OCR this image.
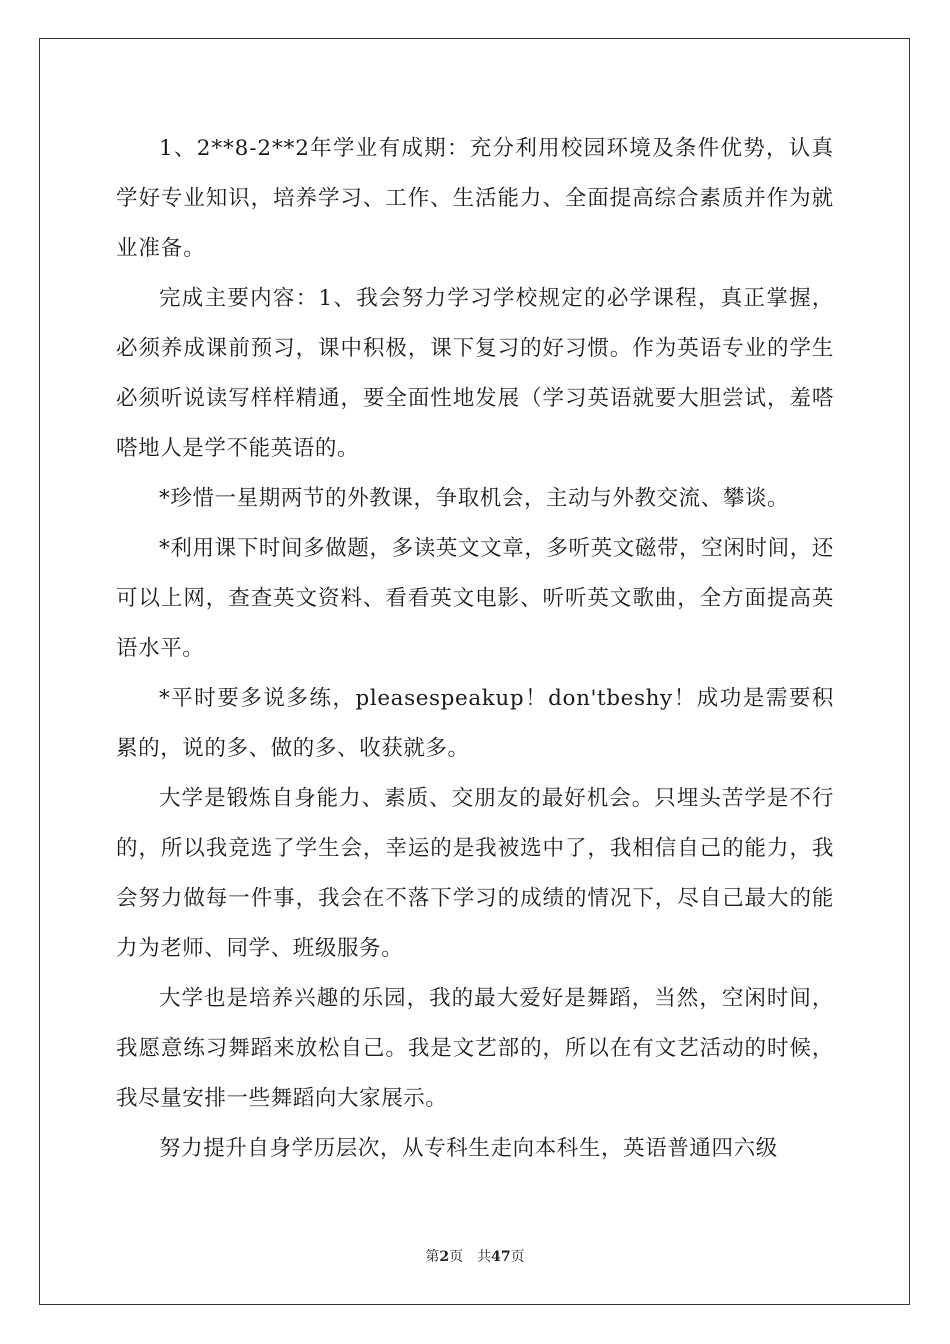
1、2**8-2**2年学业有成期：充分利用校园环境及条件优势，认真学好专业知识，培养学习、工作、生活能力、全面提高综合素质并作为就业准备。

完成主要内容：1、我会努力学习学校规定的必学课程，真正掌握，必须养成课前预习，课中积极，课下复习的好习惯。作为英语专业的学生必须听说读写样样精通，要全面性地发展（学习英语就要大胆尝试，羞嗒嗒地人是学不能英语的。

*珍惜一星期两节的外教课，争取机会，主动与外教交流、攀谈。

*利用课下时间多做题，多读英文文章，多听英文磁带，空闲时间，还可以上网，查查英文资料、看看英文电影、听听英文歌曲，全方面提高英语水平。

*平时要多说多练，pleasespeakup！don'tbeshy！成功是需要积累的，说的多、做的多、收获就多。

大学是锻炼自身能力、素质、交朋友的最好机会。只埋头苦学是不行的，所以我竞选了学生会，幸运的是我被选中了，我相信自己的能力，我会努力做每一件事，我会在不落下学习的成绩的情况下，尽自己最大的能力为老师、同学、班级服务。

大学也是培养兴趣的乐园，我的最大爱好是舞蹈，当然，空闲时间，我愿意练习舞蹈来放松自己。我是文艺部的，所以在有文艺活动的时候，我尽量安排一些舞蹈向大家展示。

努力提升自身学历层次，从专科生走向本科生，英语普通四六级

第2页 共47页
